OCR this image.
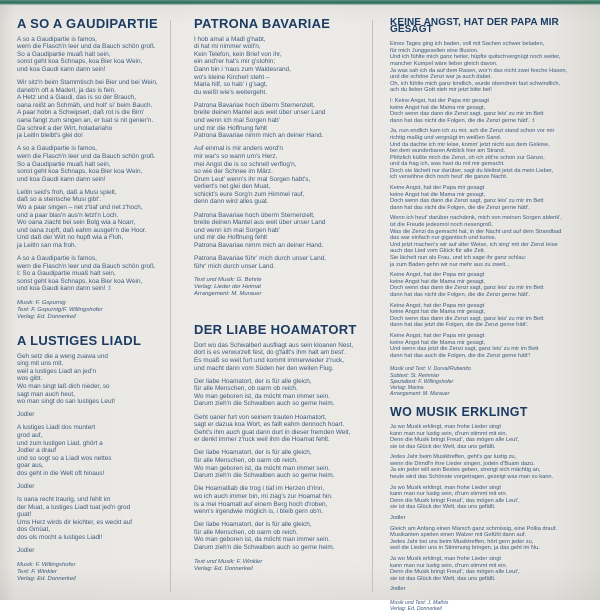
A SO A GAUDIPARTIE
A so a Gaudipartie is famos,
wern die Flasch'n leer und da Bauch schön groß.
So a Gaudipartie muaß halt sein,
sonst geht koa Schnaps, koa Bier koa Wein,
und koa Gaudi kann dann sein!
Wir sitz'n beim Stammtisch bei Bier und bei Wein,
daneb'n oft a Maderl, ja das is fein.
A Hetz und a Gaudi, das is so der Brauch,
oana reißt an Schmäh, und holt' si' beim Bauch.
A paar hobn a Schwipserl, daß rot is die Birn'
oana fangt zum singen an, er tuat si nit genier'n.
Da schreit a der Wirt, holadariaho
ja Leitln bleibt's glei do!
A so a Gaudipartie is famos,
wern die Flasch'n leer und da Bauch schön groß.
So a Gaudipartie muaß halt sein,
sonst geht koa Schnaps, koa Bier koa Wein,
und koa Gaudi kann dann sein!
Leitln seid's froh, daß a Musi spielt,
daß so a steirische Musi gibt'.
Wo a paar singen – net z'tiaf und net z'hoch,
und a paar blas'n aus'n letzt'n Loch.
Wo oana ziacht bei sein Bolg wia a Noarr,
und oana zupft, daß eahm ausgeh'n die Hoor.
Und daß der Wirt no hupft wia a Floh,
ja Leitln san ma froh.
A so a Gaudipartie is famos,
wern die Flasch'n leer und da Bauch schön groß.
I: So a Gaudipartie muaß halt sein,
sonst geht koa Schnaps, koa Bier koa Wein,
und koa Gaudi kann dann sein! :I
Musik: F. Gspurnig
Text: F. Gspurnig/F. Willingshofer
Verlag: Ed. Donnerkeil
A LUSTIGES LIADL
Geh setz die a weng zuawa und
sing mit uns mit,
weil a lustiges Liadl an jed'n
wos gibt.
Wo man singt laß dich nieder, so
sagt man auch heut,
wo man singt do san lustiges Leut!
Jodler
A lustiges Liadl dos muntert
grod auf,
und zum lustigen Liad, ghört a
Jodler a drauf
und so sogt so a Liadl wos nettes
goar aus,
dos geht in die Welt oft hinaus!
Jodler
Is oana recht traurig, und fehlt im
der Muat, a lustiges Liadl tuat jed'n grod
guat!
Ums Herz wirds dir leichter, es weckt auf
dos Gmüat,
dos ols mocht a lustiges Liadl!
Jodler
Musik: F. Willingshofer
Text: F. Winkler
Verlag: Ed. Donnerkeil
PATRONA BAVARIAE
I hob amal a Madl g'habt,
di hat mi nimmer woll'n,
Kein Telefon, kein Brief von ihr,
ein and'rer hat's mir g'stohln;
Dann bin i 'naus zum Waldesrand,
wo's kleine Kircherl steht –
Maria hilf, so hab' i g'sagt,
du weißt wie's weitergeht.
Patrona Bavariae hoch überm Sternenzelt,
breite deinen Mantel aus weit über unser Land
und wenn ich mal Sorgen hab'
und mir die Hoffnung fehlt
Patrona Bavariae nimm mich an deiner Hand.
Auf einmal is mir anders word'n
mir war's so warm um's Herz,
mei Angst die is so schnell verflog'n,
so wie der Schnee im März.
Drum Leut' wenn's ihr mal Sorgen habt's,
verliert's net glei den Muat,
schickt's eure Sorg'n zum Himmel rauf,
denn dann wird alles guat.
Patrona Bavariae hoch überm Sternenzelt,
breite deinen Mantel aus weit über unser Land
und wenn ich mal Sorgen hab'
und mir die Hoffnung fehlt
Patrona Bavariae nimm mich an deiner Hand.
Patrona Bavariae führ' mich durch unser Land,
führ' mich durch unser Land.
Text und Musik: G. Behrle
Verlag: Lieder der Heimat
Arrangement: M. Murauer
DER LIABE HOAMATORT
Dort wo das Schwalberl ausfliagt aus sein kloanen Nest,
dort is es verwurzelt fest, do g'fallt's ihm halt am best'.
Es muaß so weit furt und kommt immerwieder z'ruck,
und macht dann vom Süden her den weiten Flug.
Der liabe Hoamatort, der is für alle gleich,
für alle Menschen, ob oarm ob reich.
Wo man geboren ist, da möcht man immer sein.
Darum zieh'n die Schwalben auch so gerne heim.
Geht oaner furt von seinem trauten Hoamatort,
sagt er dazua koa Wort, es fallt eahm dennoch hoart.
Geht's ihm auch guat dann durt in dieser fremden Welt,
er denkt immer z'ruck weil ihm die Hoamat fehlt.
Der liabe Hoamatort, der is für alle gleich,
für alle Menschen, ob oarm ob reich.
Wo man geboren ist, da möcht man immer sein.
Darum zieh'n die Schwalben auch so gerne heim.
Die Hoamatliab die trog i tiaf im Herzen d'rinn,
wo ich auch immer bin, mi ziag's zur Hoamat hin.
Is a mei Hoamatl auf einem Berg hoch d'roben,
wenn's irgendwie möglich is, i bleib gern ob'n.
Der liabe Hoamatort, der is für alle gleich,
für alle Menschen, ob oarm ob reich.
Wo man geboren ist, da möcht man immer sein.
Darum zieh'n die Schwalben auch so gerne heim.
Text und Musik: F. Winkler
Verlag: Ed. Donnerkeil
KEINE ANGST, HAT DER PAPA MIR GESAGT
Eines Tages ging ich baden, voll mit Sachen schwer beladen,
für mich Junggesellen eine Illusion.
Und ich fühlte mich ganz heiter, hüpfte quitschvergnügt noch weiter,
mancher Kumpel wäre lieber gleich davon.
Ja was sah ich da auf dem Rasen, wor'n das nicht zwei fesche Hasen,
und die schöne Zenzi war ja auch dabei.
Oh, ich fühlte mich ganz kindlich, wurde obendrein fast schwindlich,
ach du lieber Gott steh mir jetzt bitte bei!
I: Keine Angst, hat der Papa mir gesagt
keine Angst hat die Mama mir gesagt,
Doch wenn das dann die Zenzi sagt, ganz leis' zu mir im Bett
dann hat das nicht die Folgen, die die Zenzi gerne hätt'. :I
Ja, nun endlich kam ich zu mir, ach die Zenzi stand schon vor mir
richtig maßig und vergnügt im weißen Sand.
Und da dachte ich mir leise, komm' jetzt nicht aus dem Geleise,
bei dem wunderbaren Anblick hier am Strand.
Plötzlich küßte mich die Zenzi, oh ich zitt're schon zur Gänze,
und da frag ich, was hast du mit mir gemacht.
Doch sie lächelt nur darüber, sagt du bleibst jetzt da mein Lieber,
ich verwöhne dich noch heut' die ganze Nacht.
Keine Angst, hat der Papa mir gesagt
keine Angst hat die Mama mir gesagt,
Doch wenn das dann die Zenzi sagt, ganz leis' zu mir im Bett
dann hat das nicht die Folgen, die die Zenzi gerne hätt'.
Wenn ich heut' darüber nachdenk, mich von meinen Sorgen ablenk',
ist die Freude jedesmol noch riesengroß.
Was die Zenzi da gemacht hat, in der Nacht und auf dem Strandbad
das war einfach nur gigantisch und kurios.
Und jetzt machen's wir auf alter Weise, ich sing' mit der Zenzi leise
auch das Lied vom Glück für alle Zeit.
Sie lächelt nun als Frau, und ich sage ihr ganz schlau:
ja zum Baden gehn wir nur mehr aus zu zweit...
Keine Angst, hat der Papa mir gesagt
keine Angst hat die Mama mir gesagt,
Doch wenn das dann die Zenzi sagt, ganz leis' zu mir im Bett
dann hat das nicht die Folgen, die die Zenzi gerne hätt'.
Keine Angst, hat der Papa mir gesagt
keine Angst hat die Mama mir gesagt,
Doch wenn das dann die Zenzi sagt, ganz leis' zu mir im Bett
dann hat das jetzt die Folgen, die die Zenzi gerne hätt'.
Keine Angst, hat der Papa mir gesagt
keine Angst hat die Mama mir gesagt,
Und wenn das jetzt die Zenzi sagt, ganz leis' zu mir im Bett
dann hat das auch die Folgen, die die Zenzi gerne hätt'!
Musik und Text: V. Durval/Rubenito
Subtext: St. Remmiar
Spezialtext: F. Willingshofer
Verlag: Marina
Arrangement: M. Murauer
WO MUSIK ERKLINGT
Ja wo Musik erklingt, man frohe Lieder singt
kann man nur lustig sein, d'rum stimmt mit ein.
Denn die Musik bringt Freud', das mögen alle Leut',
sie ist das Glück der Welt, das uns gefällt.
Jedes Jahr beim Musiktreffen, geht's gar lustig zu,
wenn die Dirndl'n ihre Lieder singen, jodeln d'Buam dazu.
Ja ein jeder will sein Bestes geben, strengt sich mächtig an,
heute wird das Schönste vorgetragen, gezeigt was man so kann.
Ja wo Musik erklingt, man frohe Lieder singt
kann man nur lustig sein, d'rum stimmt mit ein.
Denn die Musik bringt Freud', das mögen alle Leut',
sie ist das Glück der Welt, das uns gefällt.
Jodler
Gleich am Anfang einen Marsch ganz schmissig, eine Polka drauf.
Musikanten spielen einen Walzer mit Gefühl dann auf.
Jedes Jahr bei uns beim Musiktreffen, hört gern jeder zu,
weil die Lieder uns in Stimmung bringen, ja das geht im Nu.
Ja wo Musik erklingt, man frohe Lieder singt
kann man nur lustig sein, d'rum stimmt mit ein.
Denn die Musik bringt Freud', das mögen alle Leut',
sie ist das Glück der Welt, das uns gefällt.
Jodler
Musik und Text: J. Mathis
Verlag: Ed. Donnerkeil
